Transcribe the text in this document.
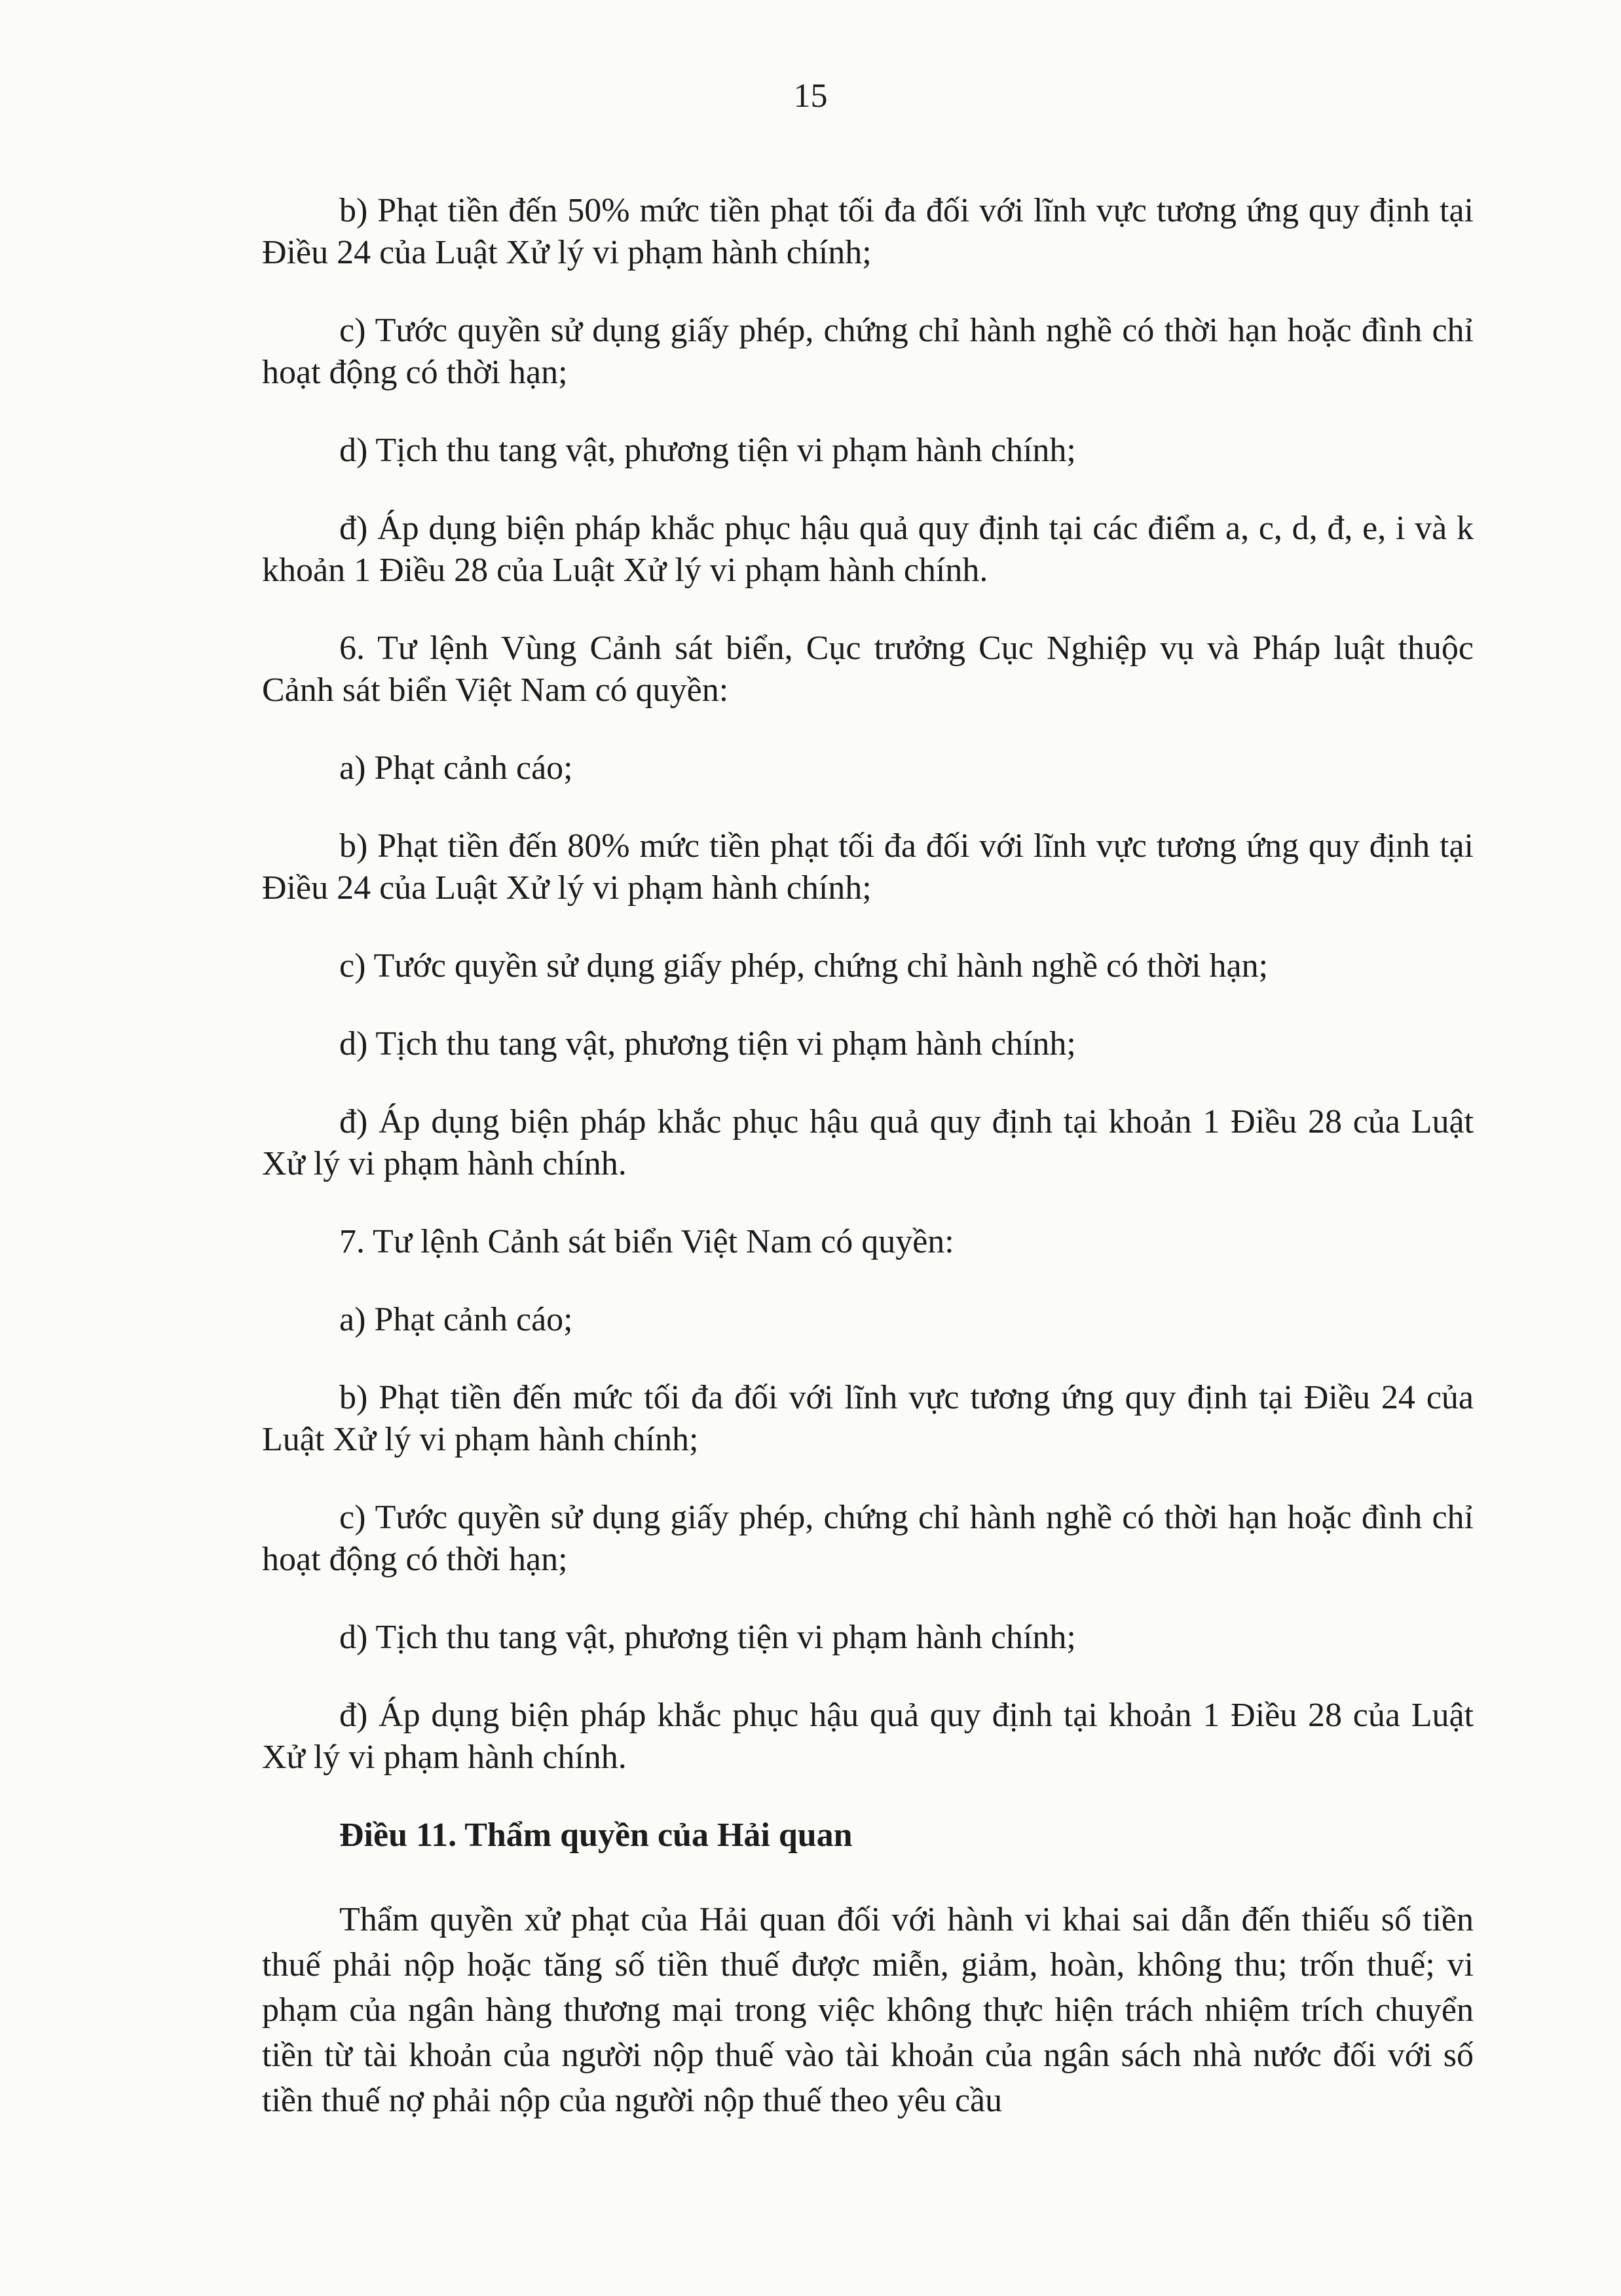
15

b) Phạt tiền đến 50% mức tiền phạt tối đa đối với lĩnh vực tương ứng quy định tại Điều 24 của Luật Xử lý vi phạm hành chính;

c) Tước quyền sử dụng giấy phép, chứng chỉ hành nghề có thời hạn hoặc đình chỉ hoạt động có thời hạn;

d) Tịch thu tang vật, phương tiện vi phạm hành chính;

đ) Áp dụng biện pháp khắc phục hậu quả quy định tại các điểm a, c, d, đ, e, i và k khoản 1 Điều 28 của Luật Xử lý vi phạm hành chính.

6. Tư lệnh Vùng Cảnh sát biển, Cục trưởng Cục Nghiệp vụ và Pháp luật thuộc Cảnh sát biển Việt Nam có quyền:

a) Phạt cảnh cáo;

b) Phạt tiền đến 80% mức tiền phạt tối đa đối với lĩnh vực tương ứng quy định tại Điều 24 của Luật Xử lý vi phạm hành chính;

c) Tước quyền sử dụng giấy phép, chứng chỉ hành nghề có thời hạn;

d) Tịch thu tang vật, phương tiện vi phạm hành chính;

đ) Áp dụng biện pháp khắc phục hậu quả quy định tại khoản 1 Điều 28 của Luật Xử lý vi phạm hành chính.

7. Tư lệnh Cảnh sát biển Việt Nam có quyền:

a) Phạt cảnh cáo;

b) Phạt tiền đến mức tối đa đối với lĩnh vực tương ứng quy định tại Điều 24 của Luật Xử lý vi phạm hành chính;

c) Tước quyền sử dụng giấy phép, chứng chỉ hành nghề có thời hạn hoặc đình chỉ hoạt động có thời hạn;

d) Tịch thu tang vật, phương tiện vi phạm hành chính;

đ) Áp dụng biện pháp khắc phục hậu quả quy định tại khoản 1 Điều 28 của Luật Xử lý vi phạm hành chính.

Điều 11. Thẩm quyền của Hải quan

Thẩm quyền xử phạt của Hải quan đối với hành vi khai sai dẫn đến thiếu số tiền thuế phải nộp hoặc tăng số tiền thuế được miễn, giảm, hoàn, không thu; trốn thuế; vi phạm của ngân hàng thương mại trong việc không thực hiện trách nhiệm trích chuyển tiền từ tài khoản của người nộp thuế vào tài khoản của ngân sách nhà nước đối với số tiền thuế nợ phải nộp của người nộp thuế theo yêu cầu
